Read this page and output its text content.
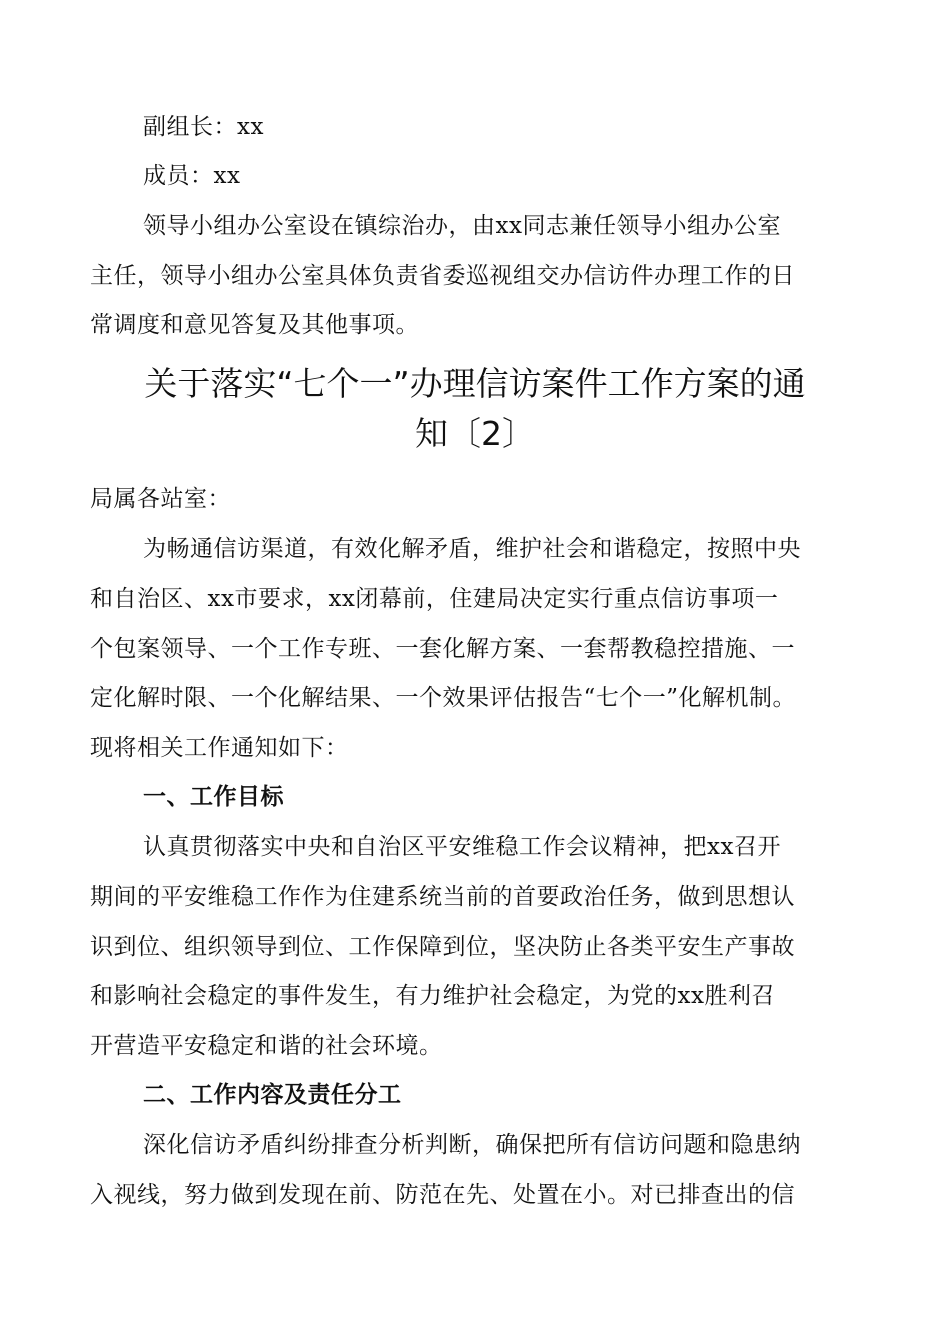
副组长：xx
成员：xx
领导小组办公室设在镇综治办，由xx同志兼任领导小组办公室
主任，领导小组办公室具体负责省委巡视组交办信访件办理工作的日
常调度和意见答复及其他事项。
关于落实“七个一”办理信访案件工作方案的通
知〔2〕
局属各站室：
为畅通信访渠道，有效化解矛盾，维护社会和谐稳定，按照中央
和自治区、xx市要求，xx闭幕前，住建局决定实行重点信访事项一
个包案领导、一个工作专班、一套化解方案、一套帮教稳控措施、一
定化解时限、一个化解结果、一个效果评估报告“七个一”化解机制。
现将相关工作通知如下：
一、工作目标
认真贯彻落实中央和自治区平安维稳工作会议精神，把xx召开
期间的平安维稳工作作为住建系统当前的首要政治任务，做到思想认
识到位、组织领导到位、工作保障到位，坚决防止各类平安生产事故
和影响社会稳定的事件发生，有力维护社会稳定，为党的xx胜利召
开营造平安稳定和谐的社会环境。
二、工作内容及责任分工
深化信访矛盾纠纷排查分析判断，确保把所有信访问题和隐患纳
入视线，努力做到发现在前、防范在先、处置在小。对已排查出的信
